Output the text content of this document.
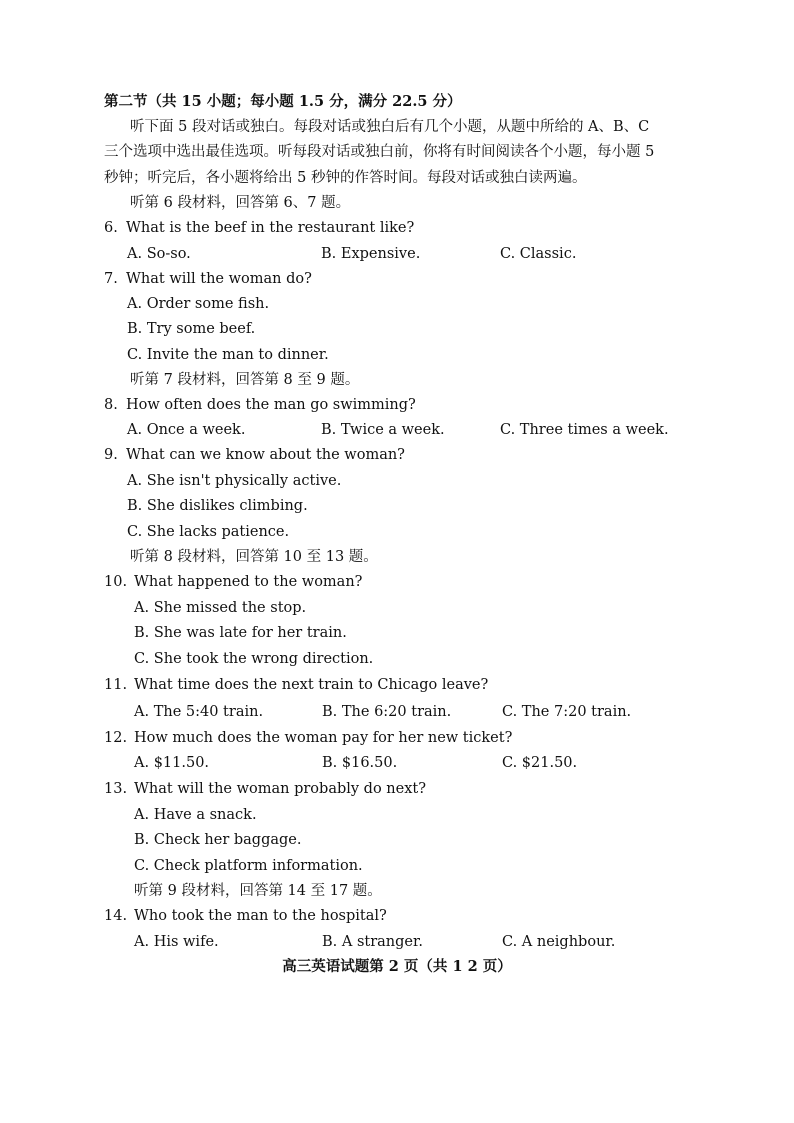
第二节（共 15 小题；每小题 1.5 分，满分 22.5 分）
听下面 5 段对话或独白。每段对话或独白后有几个小题，从题中所给的 A、B、C
三个选项中选出最佳选项。听每段对话或独白前，你将有时间阅读各个小题，每小题 5
秒钟；听完后，各小题将给出 5 秒钟的作答时间。每段对话或独白读两遍。
听第 6 段材料，回答第 6、7 题。
6. What is the beef in the restaurant like?
A. So-so.	B. Expensive.	C. Classic.
7. What will the woman do?
A. Order some fish.
B. Try some beef.
C. Invite the man to dinner.
听第 7 段材料，回答第 8 至 9 题。
8. How often does the man go swimming?
A. Once a week.	B. Twice a week.	C. Three times a week.
9. What can we know about the woman?
A. She isn't physically active.
B. She dislikes climbing.
C. She lacks patience.
听第 8 段材料，回答第 10 至 13 题。
10. What happened to the woman?
A. She missed the stop.
B. She was late for her train.
C. She took the wrong direction.
11. What time does the next train to Chicago leave?
A. The 5:40 train.	B. The 6:20 train.	C. The 7:20 train.
12. How much does the woman pay for her new ticket?
A. $11.50.	B. $16.50.	C. $21.50.
13. What will the woman probably do next?
A. Have a snack.
B. Check her baggage.
C. Check platform information.
听第 9 段材料，回答第 14 至 17 题。
14. Who took the man to the hospital?
A. His wife.	B. A stranger.	C. A neighbour.
高三英语试题第 2 页（共 1 2 页）
